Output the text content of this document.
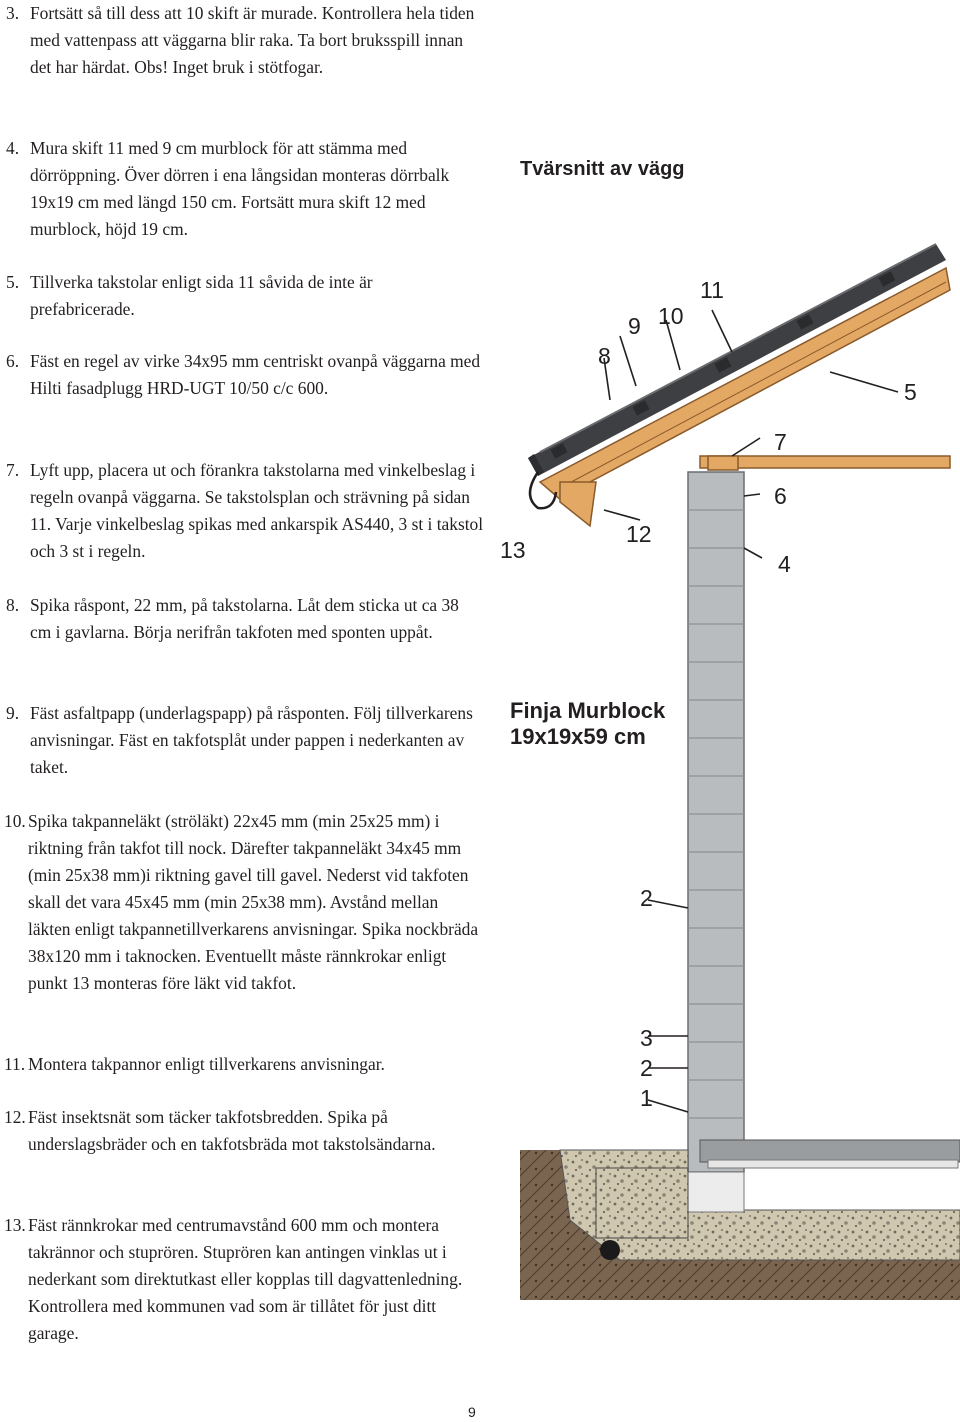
3. Fortsätt så till dess att 10 skift är murade. Kontrollera hela tiden med vattenpass att väggarna blir raka. Ta bort bruksspill innan det har härdat. Obs! Inget bruk i stötfogar.
4. Mura skift 11 med 9 cm murblock för att stämma med dörröppning. Över dörren i ena långsidan monteras dörrbalk 19x19 cm med längd 150 cm. Fortsätt mura skift 12 med murblock, höjd 19 cm.
5. Tillverka takstolar enligt sida 11 såvida de inte är prefabricerade.
6. Fäst en regel av virke 34x95 mm centriskt ovanpå väggarna med Hilti fasadplugg HRD-UGT 10/50 c/c 600.
7. Lyft upp, placera ut och förankra takstolarna med vinkelbeslag i regeln ovanpå väggarna. Se takstolsplan och strävning på sidan 11. Varje vinkelbeslag spikas med ankarspik AS440, 3 st i takstol och 3 st i regeln.
8. Spika råspont, 22 mm, på takstolarna. Låt dem sticka ut ca 38 cm i gavlarna. Börja nerifrån takfoten med sponten uppåt.
9. Fäst asfaltpapp (underlagspapp) på råsponten. Följ tillverkarens anvisningar. Fäst en takfotsplåt under pappen i nederkanten av taket.
10. Spika takpanneläkt (ströläkt) 22x45 mm (min 25x25 mm) i riktning från takfot till nock. Därefter takpanneläkt 34x45 mm (min 25x38 mm)i riktning gavel till gavel. Nederst vid takfoten skall det vara 45x45 mm (min 25x38 mm). Avstånd mellan läkten enligt takpannetillverkarens anvisningar. Spika nockbräda 38x120 mm i taknocken. Eventuellt måste rännkrokar enligt punkt 13 monteras före läkt vid takfot.
11. Montera takpannor enligt tillverkarens anvisningar.
12. Fäst insektsnät som täcker takfotsbredden. Spika på underslagsbräder och en takfotsbräda mot takstolsändarna.
13. Fäst rännkrokar med centrumavstånd 600 mm och montera takrännor och stuprören. Stuprören kan antingen vinklas ut i nederkant som direktutkast eller kopplas till dagvattenledning. Kontrollera med kommunen vad som är tillåtet för just ditt garage.
Tvärsnitt av vägg
11
10
9
8
5
7
6
12
13
4
2
3
2
1
Finja Murblock
19x19x59 cm
9
